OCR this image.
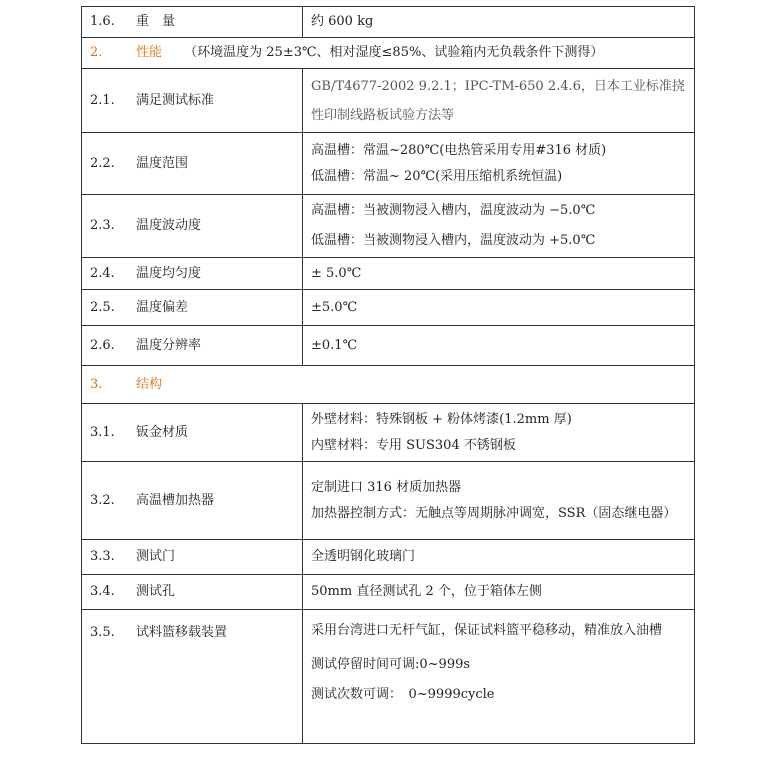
1.6. 重　量	约 600 kg

2. 性能 （环境温度为 25±3℃、相对湿度≤85%、试验箱内无负载条件下测得）	
2.1. 满足测试标准	GB/T4677-2002 9.2.1；IPC-TM-650 2.4.6，日本工业标准挠性印制线路板试验方法等

2.2. 温度范围	高温槽：常温~280℃(电热管采用专用#316 材质)
低温槽：常温~ 20℃(采用压缩机系统恒温)

2.3. 温度波动度	高温槽：当被测物浸入槽内，温度波动为 −5.0℃
低温槽：当被测物浸入槽内，温度波动为 +5.0℃

2.4. 温度均匀度	± 5.0℃

2.5. 温度偏差	±5.0℃

2.6. 温度分辨率	±0.1℃

3. 结构	
3.1. 钣金材质	外壁材料：特殊钢板 + 粉体烤漆(1.2mm 厚)
内壁材料：专用 SUS304 不锈钢板

3.2. 高温槽加热器	定制进口 316 材质加热器
加热器控制方式：无触点等周期脉冲调宽，SSR（固态继电器）

3.3. 测试门	全透明钢化玻璃门

3.4. 测试孔	50mm 直径测试孔 2 个，位于箱体左侧

3.5. 试料篮移载装置	采用台湾进口无杆气缸，保证试料篮平稳移动，精准放入油槽
测试停留时间可调:0~999s
测试次数可调：　0~9999cycle
